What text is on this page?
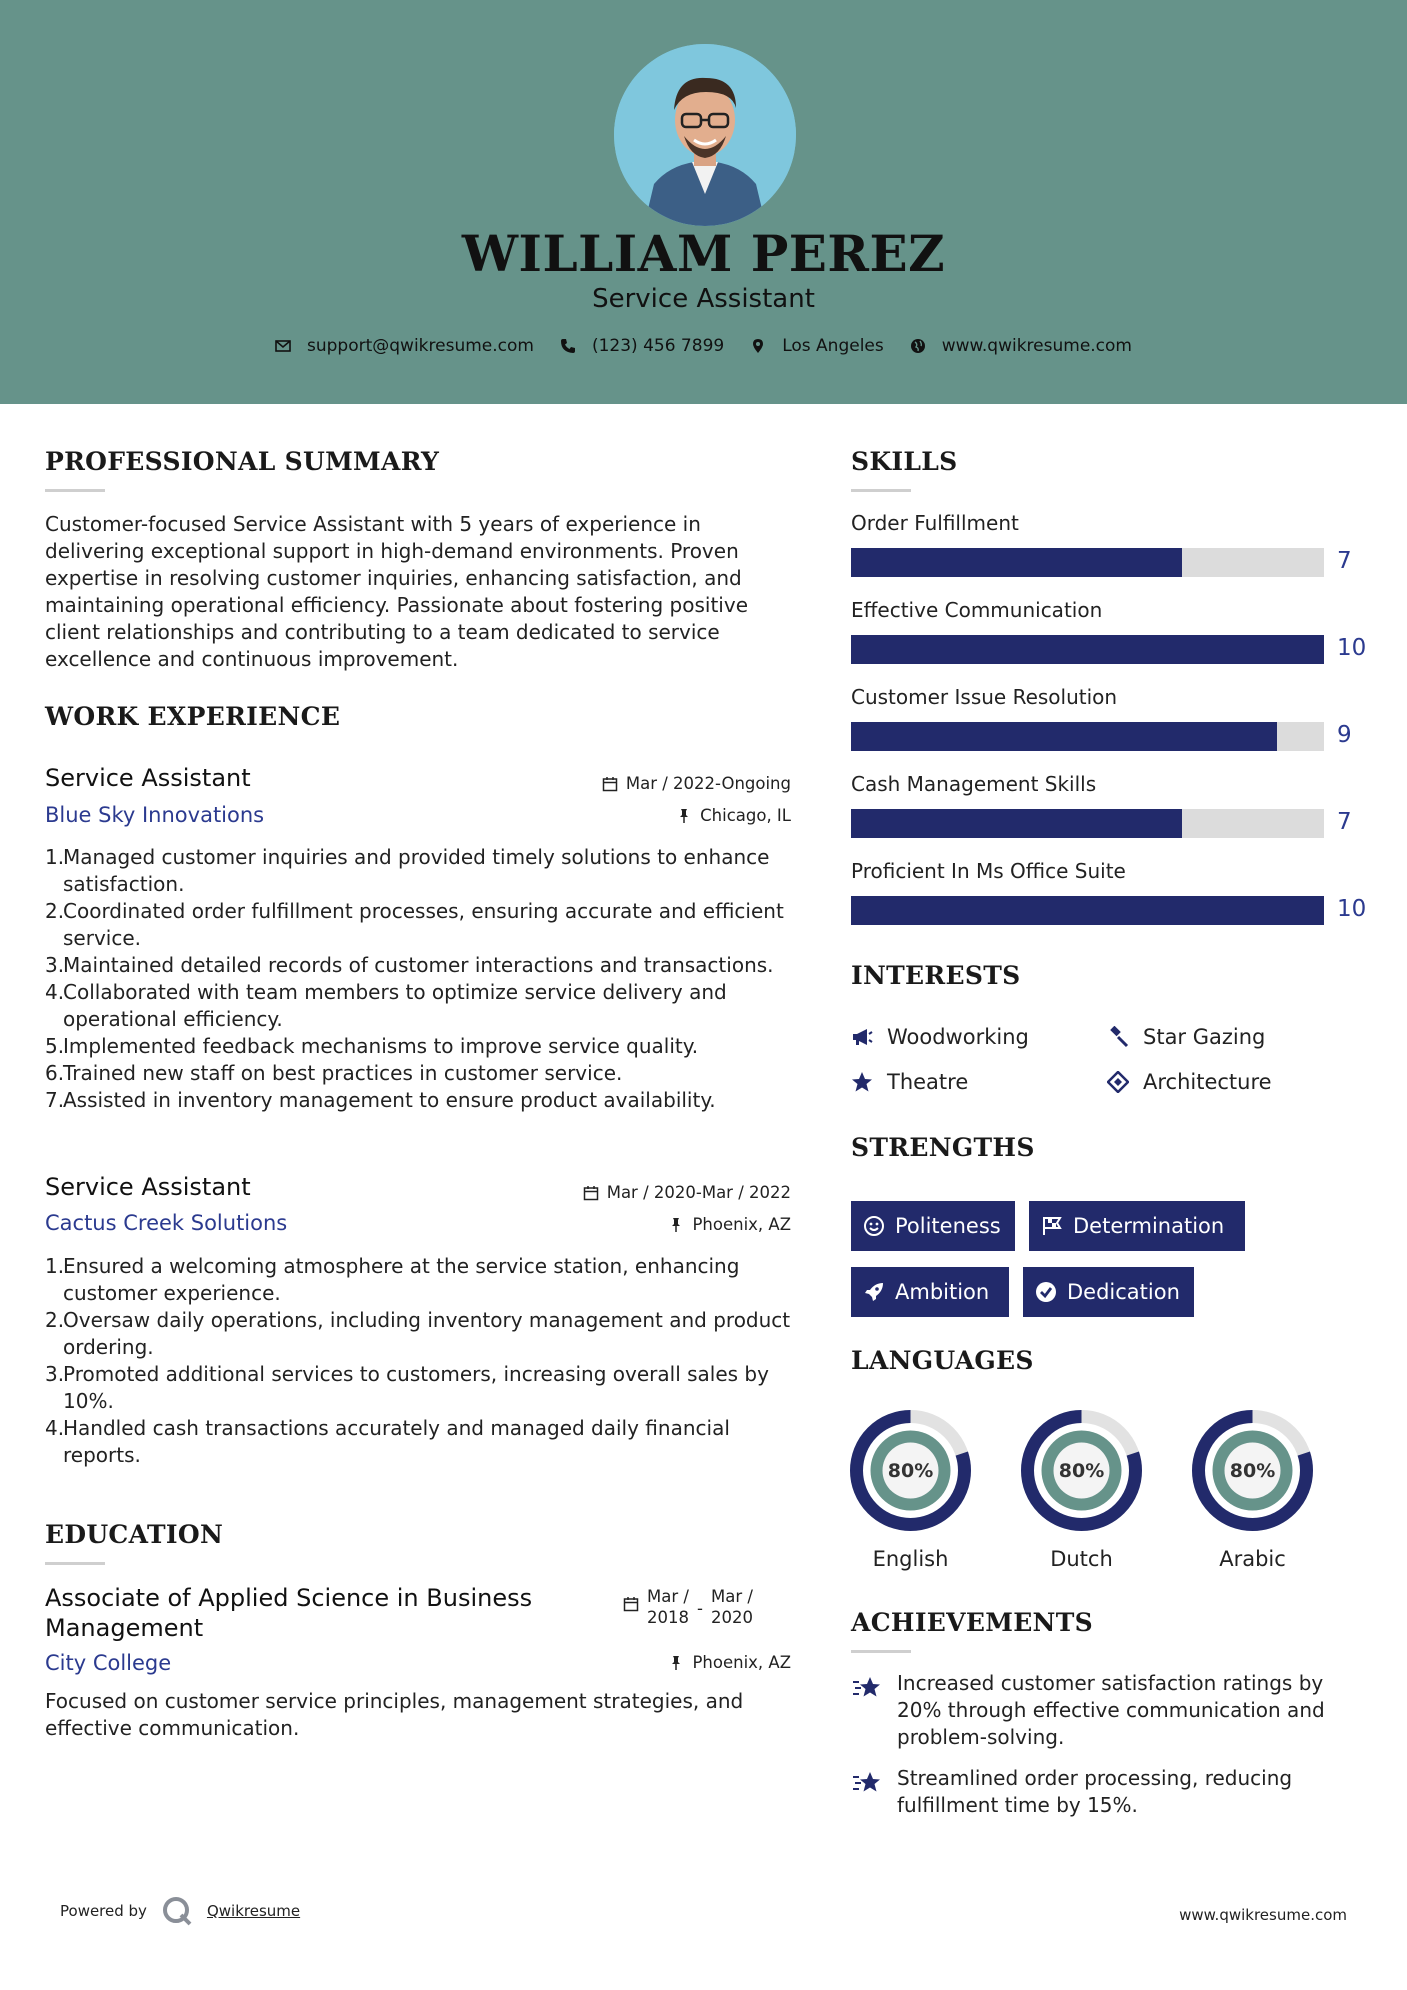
WILLIAM PEREZ
Service Assistant
support@qwikresume.com	(123) 456 7899	Los Angeles	www.qwikresume.com
PROFESSIONAL SUMMARY
Customer-focused Service Assistant with 5 years of experience in delivering exceptional support in high-demand environments. Proven expertise in resolving customer inquiries, enhancing satisfaction, and maintaining operational efficiency. Passionate about fostering positive client relationships and contributing to a team dedicated to service excellence and continuous improvement.
WORK EXPERIENCE
Service Assistant
Blue Sky Innovations
Mar / 2022-Ongoing
Chicago, IL
1.
Managed customer inquiries and provided timely solutions to enhance satisfaction.
2.
Coordinated order fulfillment processes, ensuring accurate and efficient service.
3.
Maintained detailed records of customer interactions and transactions.
4.
Collaborated with team members to optimize service delivery and operational efficiency.
5.
Implemented feedback mechanisms to improve service quality.
6.
Trained new staff on best practices in customer service.
7.
Assisted in inventory management to ensure product availability.
Service Assistant
Cactus Creek Solutions
Mar / 2020-Mar / 2022
Phoenix, AZ
1.
Ensured a welcoming atmosphere at the service station, enhancing customer experience.
2.
Oversaw daily operations, including inventory management and product ordering.
3.
Promoted additional services to customers, increasing overall sales by 10%.
4.
Handled cash transactions accurately and managed daily financial reports.
EDUCATION
Associate of Applied Science in Business
Management
Mar /
2018 -
Mar /
2020
City College	Phoenix, AZ
Focused on customer service principles, management strategies, and effective communication.
SKILLS
Order Fulfillment
7
Effective Communication
10
Customer Issue Resolution
9
Cash Management Skills
7
Proficient In Ms Office Suite
10
INTERESTS
Woodworking	Star Gazing
Theatre	Architecture
STRENGTHS
Politeness	Determination
Ambition	Dedication
LANGUAGES
80%
English
80%
Dutch
80%
Arabic
ACHIEVEMENTS
Increased customer satisfaction ratings by 20% through effective communication and problem-solving.
Streamlined order processing, reducing fulfillment time by 15%.
Powered by	Qwikresume	www.qwikresume.com
